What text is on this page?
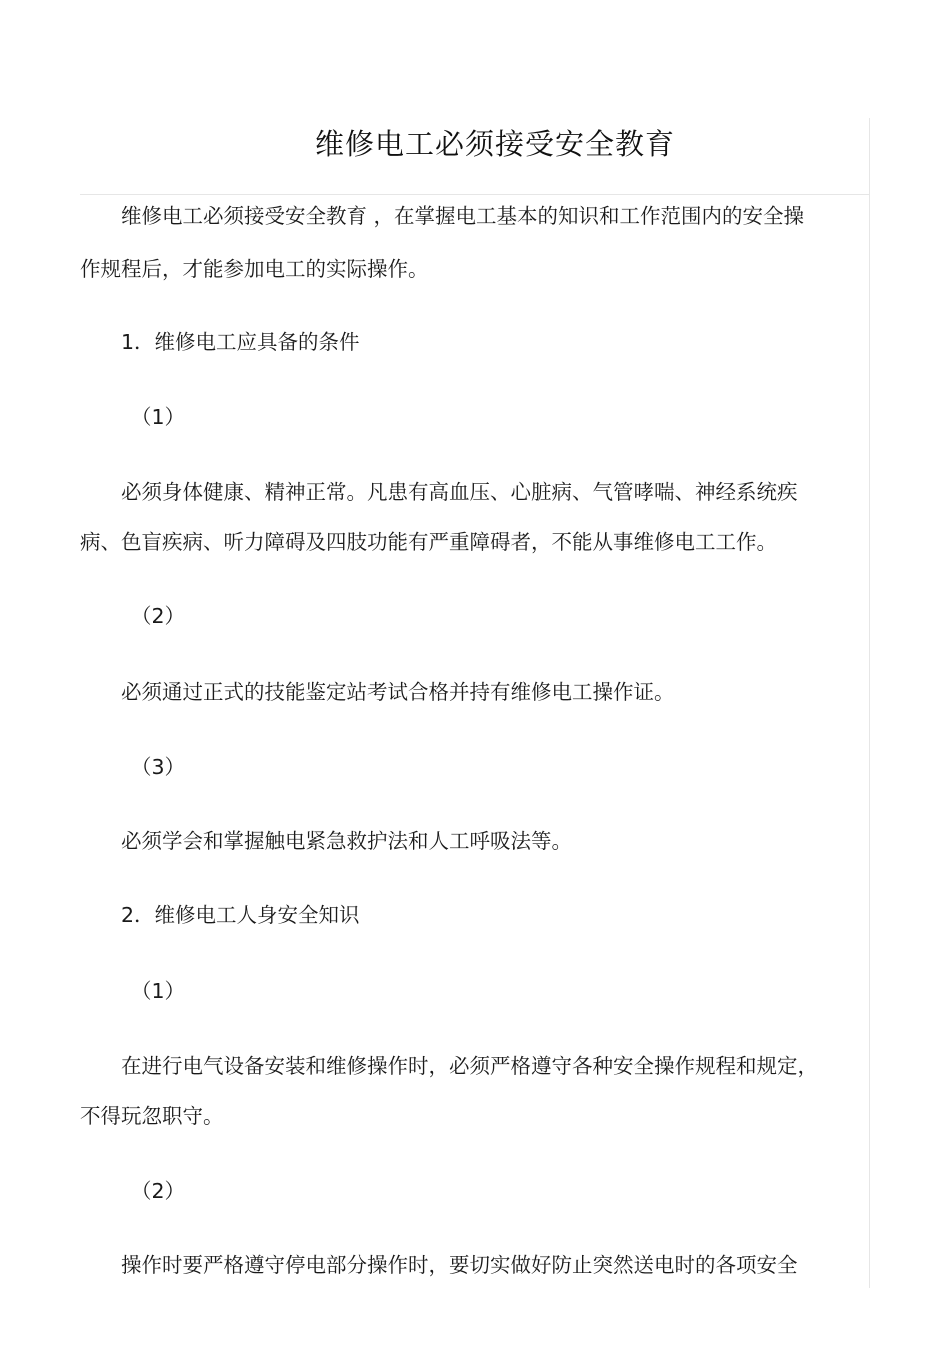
维修电工必须接受安全教育
维修电工必须接受安全教育 ，在掌握电工基本的知识和工作范围内的安全操
作规程后，才能参加电工的实际操作。
1．维修电工应具备的条件
（1）
必须身体健康、精神正常。凡患有高血压、心脏病、气管哮喘、神经系统疾
病、色盲疾病、听力障碍及四肢功能有严重障碍者，不能从事维修电工工作。
（2）
必须通过正式的技能鉴定站考试合格并持有维修电工操作证。
（3）
必须学会和掌握触电紧急救护法和人工呼吸法等。
2．维修电工人身安全知识
（1）
在进行电气设备安装和维修操作时，必须严格遵守各种安全操作规程和规定，
不得玩忽职守。
（2）
操作时要严格遵守停电部分操作时，要切实做好防止突然送电时的各项安全
